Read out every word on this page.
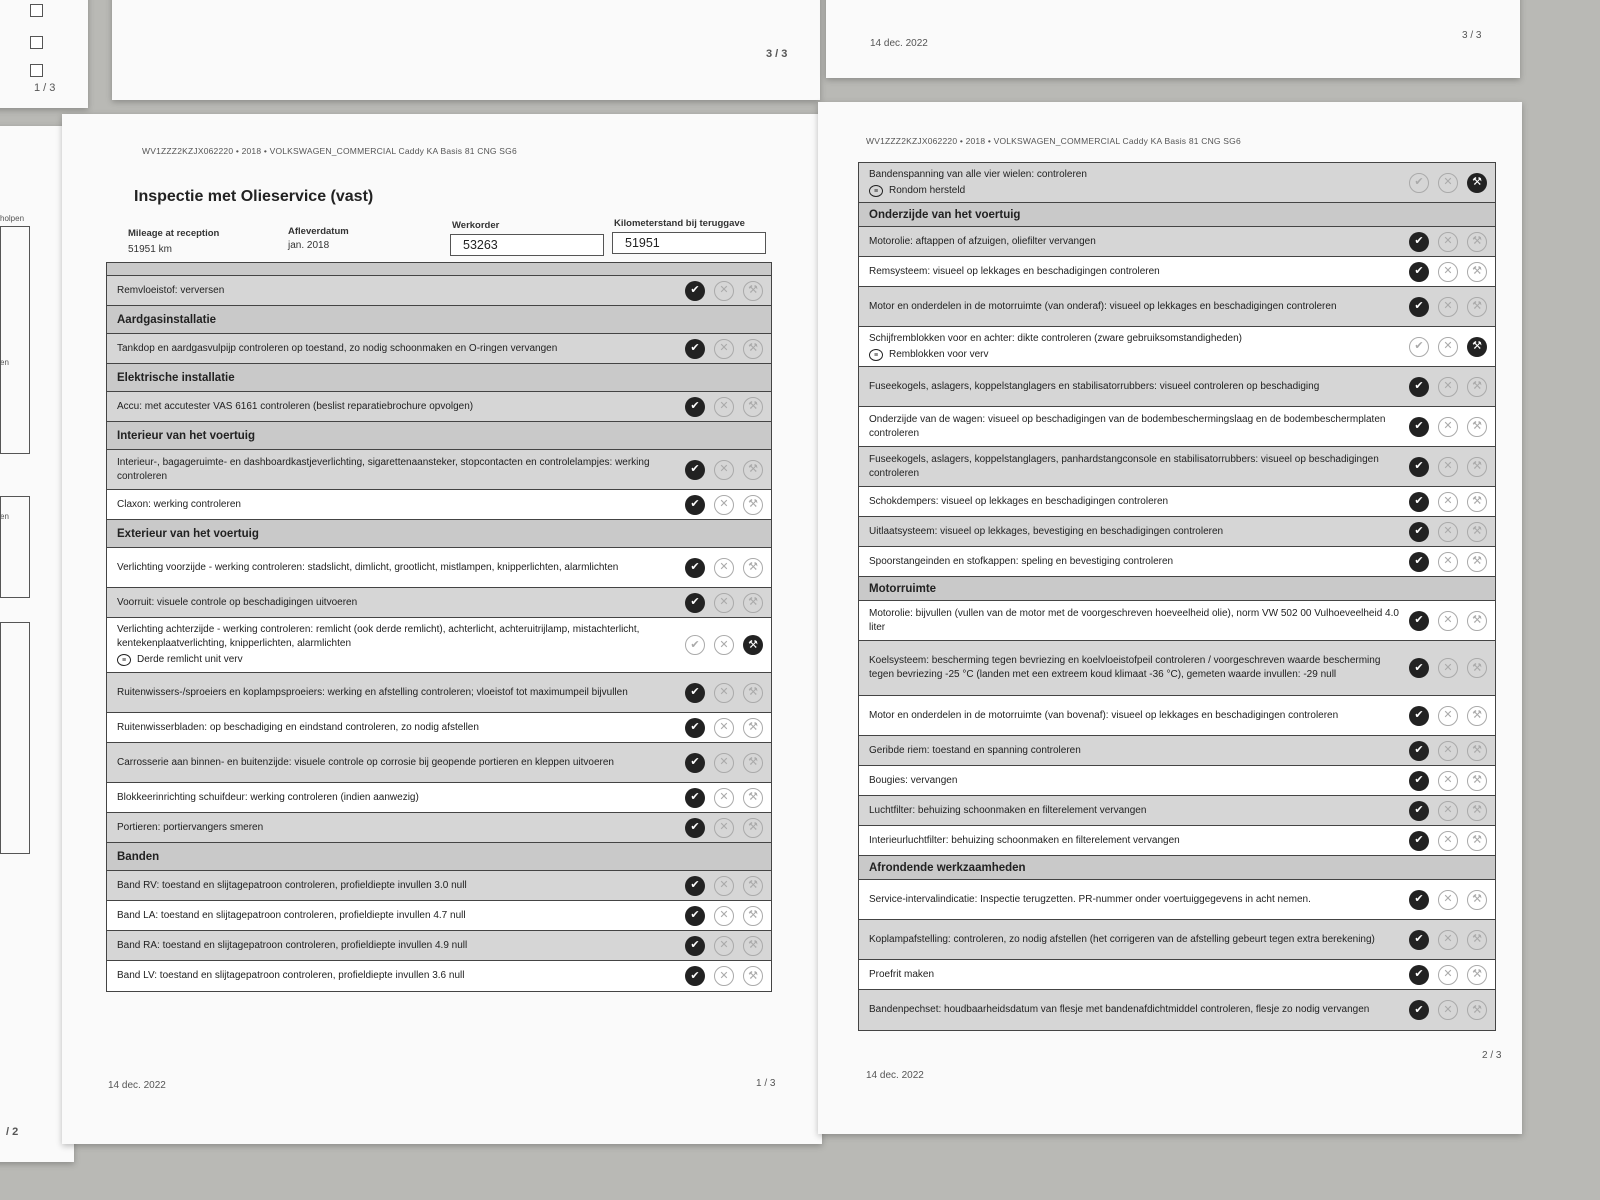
1 / 3
3 / 3
14 dec. 2022
3 / 3
holpen
en
en
/ 2
WV1ZZZ2KZJX062220 • 2018 • VOLKSWAGEN_COMMERCIAL Caddy KA Basis 81 CNG SG6
Inspectie met Olieservice (vast)
Mileage at reception
51951 km
Afleverdatum
jan. 2018
Werkorder
53263
Kilometerstand bij teruggave
51951
Remvloeistof: verversen	✔	✕	⚒
Aardgasinstallatie
Tankdop en aardgasvulpijp controleren op toestand, zo nodig schoonmaken en O-ringen vervangen	✔	✕	⚒
Elektrische installatie
Accu: met accutester VAS 6161 controleren (beslist reparatiebrochure opvolgen)	✔	✕	⚒
Interieur van het voertuig
Interieur-, bagageruimte- en dashboardkastjeverlichting, sigarettenaansteker, stopcontacten en controlelampjes: werking controleren
✔	✕	⚒
Claxon: werking controleren	✔	✕	⚒
Exterieur van het voertuig
Verlichting voorzijde - werking controleren: stadslicht, dimlicht, grootlicht, mistlampen, knipperlichten, alarmlichten	✔	✕	⚒
Voorruit: visuele controle op beschadigingen uitvoeren	✔	✕	⚒
Verlichting achterzijde - werking controleren: remlicht (ook derde remlicht), achterlicht, achteruitrijlamp, mistachterlicht, kentekenplaatverlichting, knipperlichten, alarmlichten
≡	Derde remlicht unit verv
✔	✕	⚒
Ruitenwissers-/sproeiers en koplampsproeiers: werking en afstelling controleren; vloeistof tot maximumpeil bijvullen	✔	✕	⚒
Ruitenwisserbladen: op beschadiging en eindstand controleren, zo nodig afstellen	✔	✕	⚒
Carrosserie aan binnen- en buitenzijde: visuele controle op corrosie bij geopende portieren en kleppen uitvoeren	✔	✕	⚒
Blokkeerinrichting schuifdeur: werking controleren (indien aanwezig)	✔	✕	⚒
Portieren: portiervangers smeren	✔	✕	⚒
Banden
Band RV: toestand en slijtagepatroon controleren, profieldiepte invullen 3.0 null	✔	✕	⚒
Band LA: toestand en slijtagepatroon controleren, profieldiepte invullen 4.7 null	✔	✕	⚒
Band RA: toestand en slijtagepatroon controleren, profieldiepte invullen 4.9 null	✔	✕	⚒
Band LV: toestand en slijtagepatroon controleren, profieldiepte invullen 3.6 null	✔	✕	⚒
14 dec. 2022	1 / 3
WV1ZZZ2KZJX062220 • 2018 • VOLKSWAGEN_COMMERCIAL Caddy KA Basis 81 CNG SG6
Bandenspanning van alle vier wielen: controleren
≡	Rondom hersteld
✔	✕	⚒
Onderzijde van het voertuig
Motorolie: aftappen of afzuigen, oliefilter vervangen	✔	✕	⚒
Remsysteem: visueel op lekkages en beschadigingen controleren	✔	✕	⚒
Motor en onderdelen in de motorruimte (van onderaf): visueel op lekkages en beschadigingen controleren	✔	✕	⚒
Schijfremblokken voor en achter: dikte controleren (zware gebruiksomstandigheden)
≡	Remblokken voor verv
✔	✕	⚒
Fuseekogels, aslagers, koppelstanglagers en stabilisatorrubbers: visueel controleren op beschadiging	✔	✕	⚒
Onderzijde van de wagen: visueel op beschadigingen van de bodembeschermingslaag en de bodembeschermplaten controleren
✔	✕	⚒
Fuseekogels, aslagers, koppelstanglagers, panhardstangconsole en stabilisatorrubbers: visueel op beschadigingen controleren
✔	✕	⚒
Schokdempers: visueel op lekkages en beschadigingen controleren	✔	✕	⚒
Uitlaatsysteem: visueel op lekkages, bevestiging en beschadigingen controleren	✔	✕	⚒
Spoorstangeinden en stofkappen: speling en bevestiging controleren	✔	✕	⚒
Motorruimte
Motorolie: bijvullen (vullen van de motor met de voorgeschreven hoeveelheid olie), norm VW 502 00 Vulhoeveelheid 4.0 liter
✔	✕	⚒
Koelsysteem: bescherming tegen bevriezing en koelvloeistofpeil controleren / voorgeschreven waarde bescherming tegen bevriezing -25 °C (landen met een extreem koud klimaat -36 °C), gemeten waarde invullen: -29 null
✔	✕	⚒
Motor en onderdelen in de motorruimte (van bovenaf): visueel op lekkages en beschadigingen controleren	✔	✕	⚒
Geribde riem: toestand en spanning controleren	✔	✕	⚒
Bougies: vervangen	✔	✕	⚒
Luchtfilter: behuizing schoonmaken en filterelement vervangen	✔	✕	⚒
Interieurluchtfilter: behuizing schoonmaken en filterelement vervangen	✔	✕	⚒
Afrondende werkzaamheden
Service-intervalindicatie: Inspectie terugzetten. PR-nummer onder voertuiggegevens in acht nemen.	✔	✕	⚒
Koplampafstelling: controleren, zo nodig afstellen (het corrigeren van de afstelling gebeurt tegen extra berekening)	✔	✕	⚒
Proefrit maken	✔	✕	⚒
Bandenpechset: houdbaarheidsdatum van flesje met bandenafdichtmiddel controleren, flesje zo nodig vervangen	✔	✕	⚒
14 dec. 2022
2 / 3
